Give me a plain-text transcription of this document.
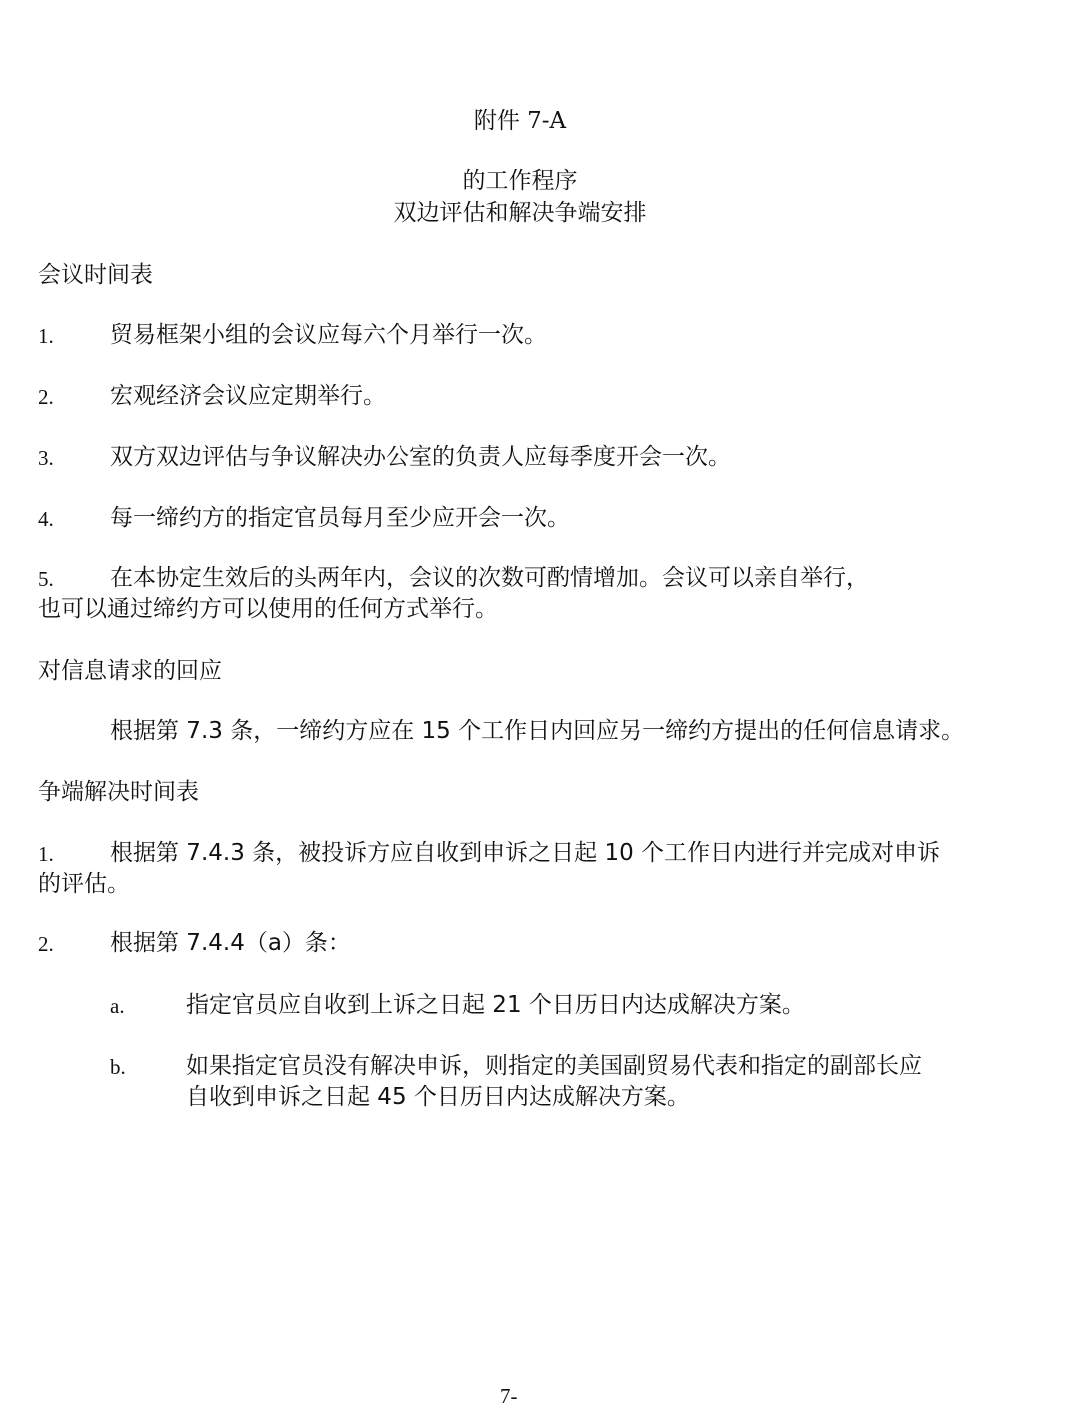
附件 7-A
的工作程序
双边评估和解决争端安排
会议时间表
1. 贸易框架小组的会议应每六个月举行一次。
2. 宏观经济会议应定期举行。
3. 双方双边评估与争议解决办公室的负责人应每季度开会一次。
4. 每一缔约方的指定官员每月至少应开会一次。
5. 在本协定生效后的头两年内，会议的次数可酌情增加。会议可以亲自举行，
也可以通过缔约方可以使用的任何方式举行。
对信息请求的回应
根据第 7.3 条，一缔约方应在 15 个工作日内回应另一缔约方提出的任何信息请求。
争端解决时间表
1. 根据第 7.4.3 条，被投诉方应自收到申诉之日起 10 个工作日内进行并完成对申诉
的评估。
2. 根据第 7.4.4（a）条：
a.	指定官员应自收到上诉之日起 21 个日历日内达成解决方案。
b.	如果指定官员没有解决申诉，则指定的美国副贸易代表和指定的副部长应
自收到申诉之日起 45 个日历日内达成解决方案。
7-
